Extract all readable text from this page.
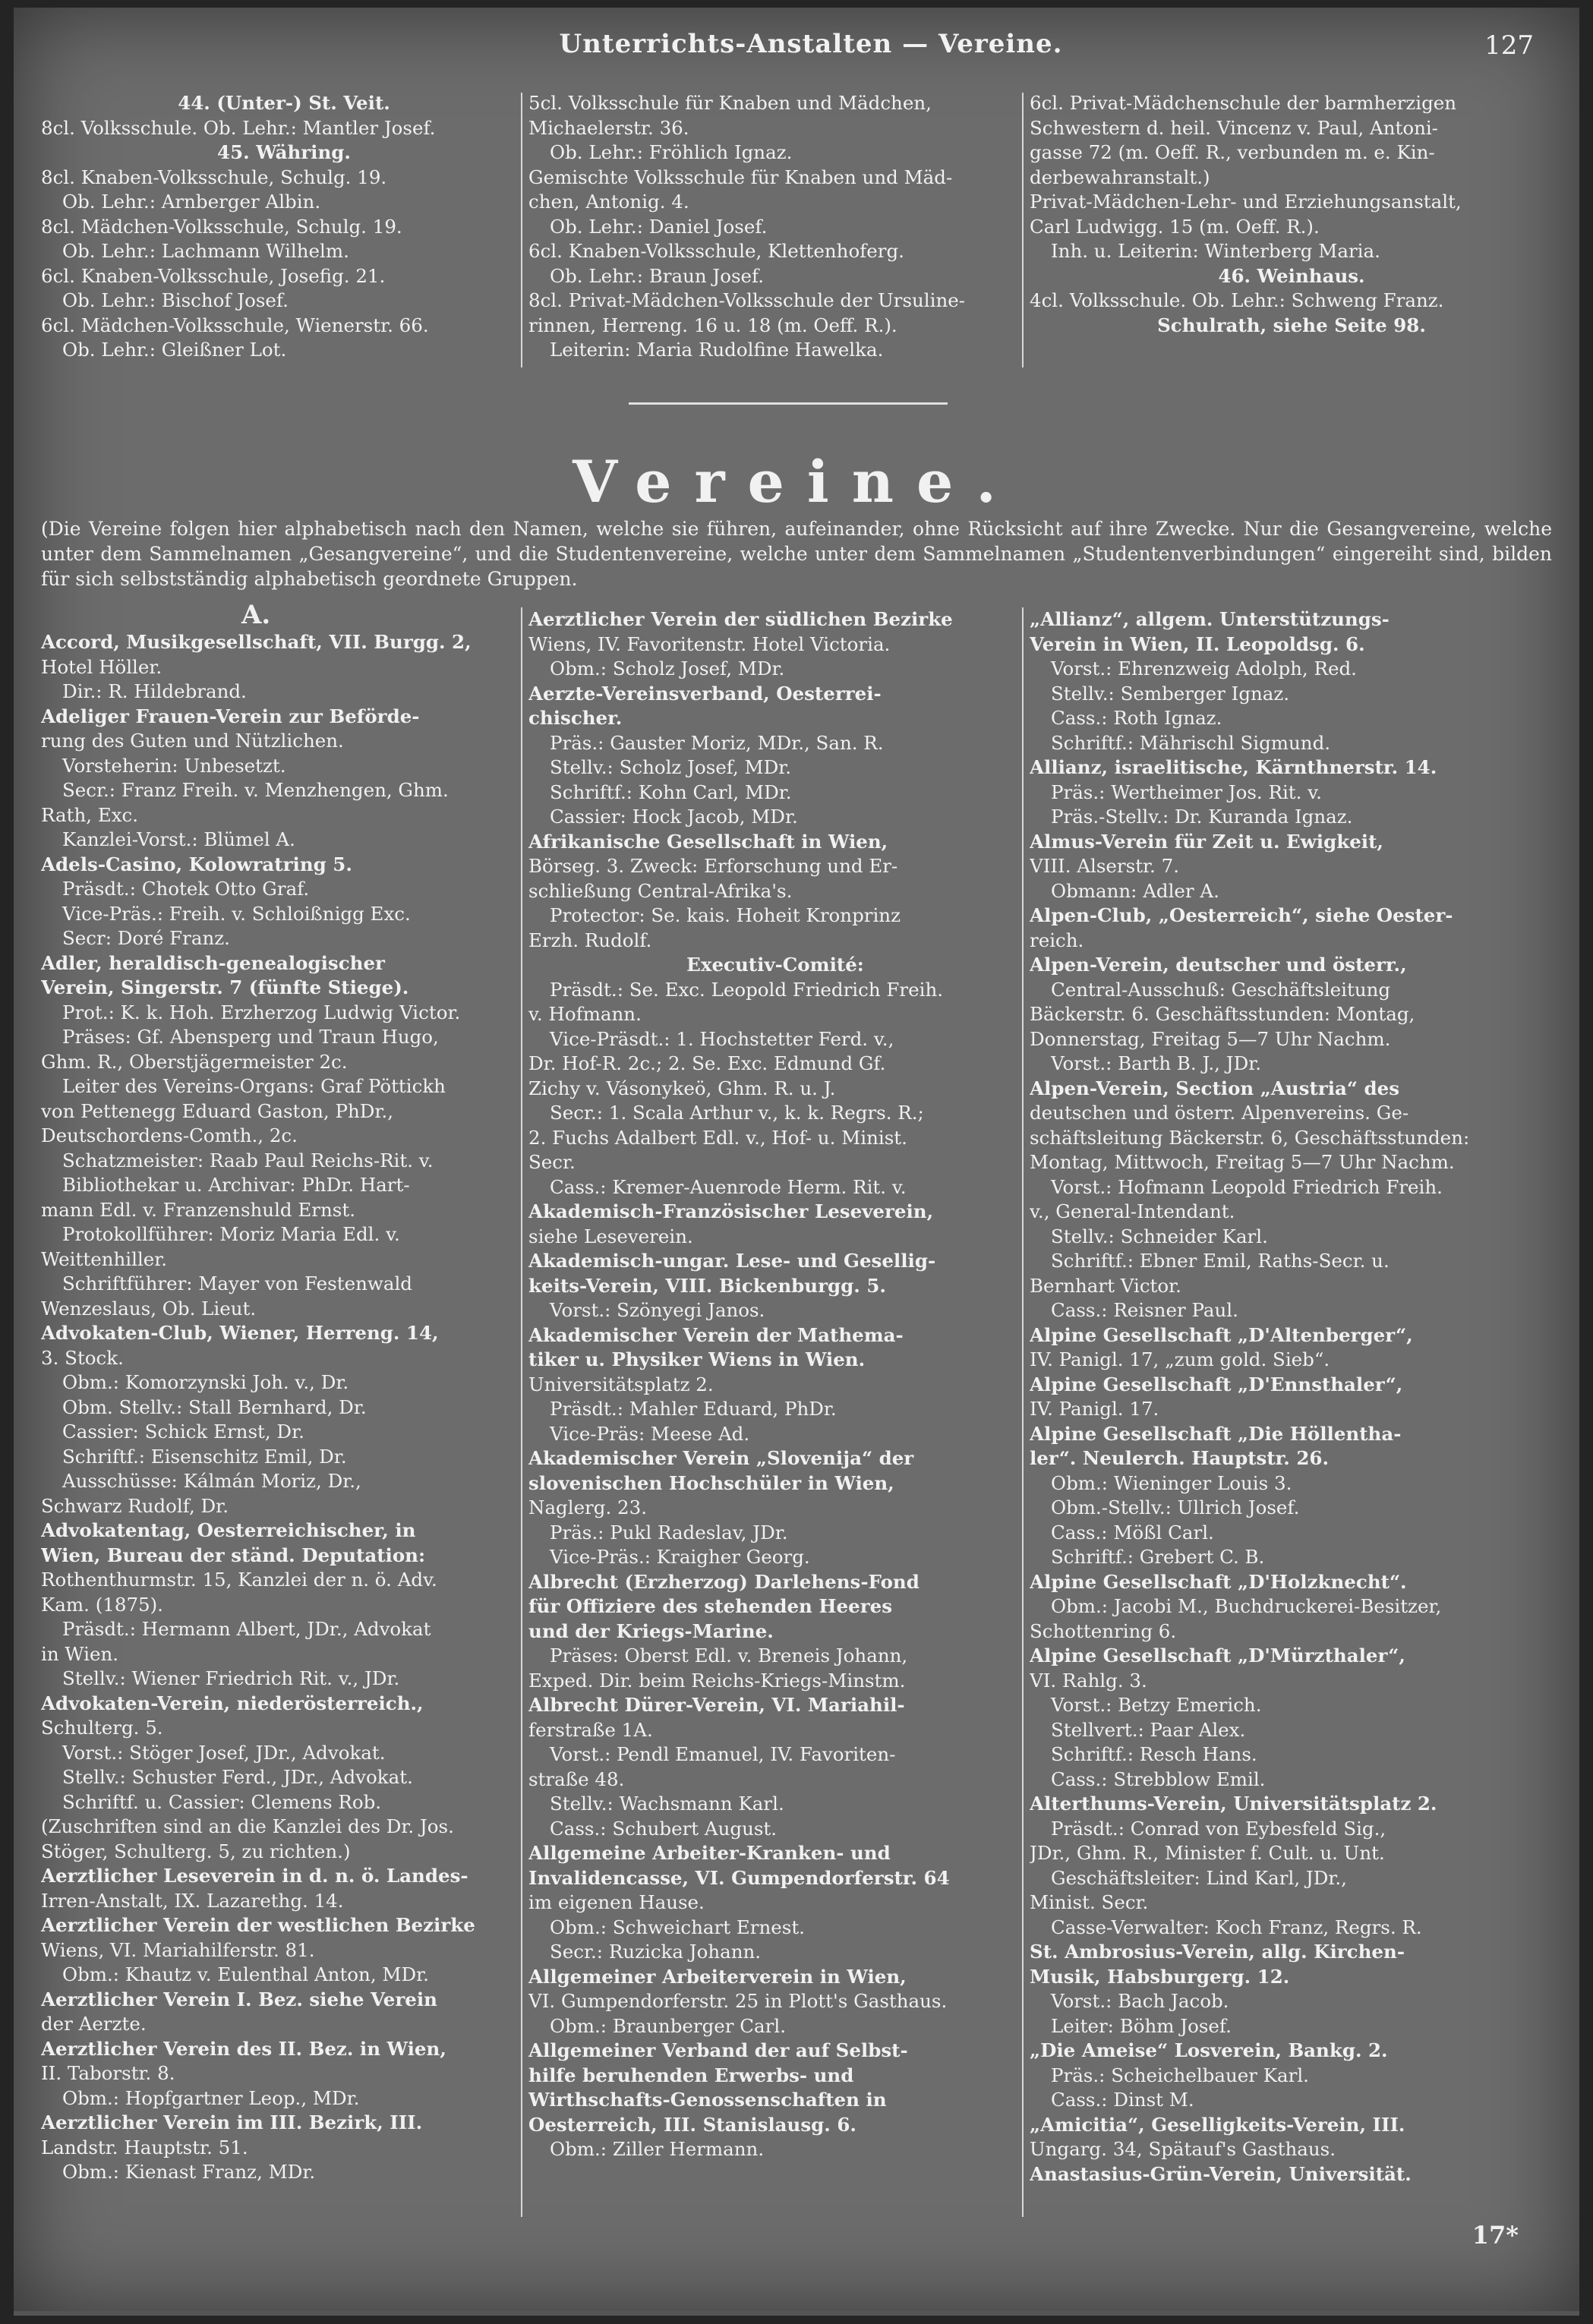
Unterrichts-Anstalten — Vereine.	127
44. (Unter-) St. Veit.
8cl. Volksschule. Ob. Lehr.: Mantler Josef.
45. Währing.
8cl. Knaben-Volksschule, Schulg. 19.
Ob. Lehr.: Arnberger Albin.
8cl. Mädchen-Volksschule, Schulg. 19.
Ob. Lehr.: Lachmann Wilhelm.
6cl. Knaben-Volksschule, Josefig. 21.
Ob. Lehr.: Bischof Josef.
6cl. Mädchen-Volksschule, Wienerstr. 66.
Ob. Lehr.: Gleißner Lot.
5cl. Volksschule für Knaben und Mädchen,
Michaelerstr. 36.
Ob. Lehr.: Fröhlich Ignaz.
Gemischte Volksschule für Knaben und Mäd-
chen, Antonig. 4.
Ob. Lehr.: Daniel Josef.
6cl. Knaben-Volksschule, Klettenhoferg.
Ob. Lehr.: Braun Josef.
8cl. Privat-Mädchen-Volksschule der Ursuline-
rinnen, Herreng. 16 u. 18 (m. Oeff. R.).
Leiterin: Maria Rudolfine Hawelka.
6cl. Privat-Mädchenschule der barmherzigen
Schwestern d. heil. Vincenz v. Paul, Antoni-
gasse 72 (m. Oeff. R., verbunden m. e. Kin-
derbewahranstalt.)
Privat-Mädchen-Lehr- und Erziehungsanstalt,
Carl Ludwigg. 15 (m. Oeff. R.).
Inh. u. Leiterin: Winterberg Maria.
46. Weinhaus.
4cl. Volksschule. Ob. Lehr.: Schweng Franz.
Schulrath, siehe Seite 98.
Vereine.
(Die Vereine folgen hier alphabetisch nach den Namen, welche sie führen, aufeinander, ohne Rücksicht auf ihre Zwecke. Nur die Gesangvereine, welche unter dem Sammelnamen „Gesangvereine“, und die Studentenvereine, welche unter dem Sammelnamen „Studentenverbindungen“ eingereiht sind, bilden für sich selbstständig alphabetisch geordnete Gruppen.
A.
Accord, Musikgesellschaft, VII. Burgg. 2,
Hotel Höller.
Dir.: R. Hildebrand.
Adeliger Frauen-Verein zur Beförde-
rung des Guten und Nützlichen.
Vorsteherin: Unbesetzt.
Secr.: Franz Freih. v. Menzhengen, Ghm.
Rath, Exc.
Kanzlei-Vorst.: Blümel A.
Adels-Casino, Kolowratring 5.
Präsdt.: Chotek Otto Graf.
Vice-Präs.: Freih. v. Schloißnigg Exc.
Secr: Doré Franz.
Adler, heraldisch-genealogischer
Verein, Singerstr. 7 (fünfte Stiege).
Prot.: K. k. Hoh. Erzherzog Ludwig Victor.
Präses: Gf. Abensperg und Traun Hugo,
Ghm. R., Oberstjägermeister 2c.
Leiter des Vereins-Organs: Graf Pöttickh
von Pettenegg Eduard Gaston, PhDr.,
Deutschordens-Comth., 2c.
Schatzmeister: Raab Paul Reichs-Rit. v.
Bibliothekar u. Archivar: PhDr. Hart-
mann Edl. v. Franzenshuld Ernst.
Protokollführer: Moriz Maria Edl. v.
Weittenhiller.
Schriftführer: Mayer von Festenwald
Wenzeslaus, Ob. Lieut.
Advokaten-Club, Wiener, Herreng. 14,
3. Stock.
Obm.: Komorzynski Joh. v., Dr.
Obm. Stellv.: Stall Bernhard, Dr.
Cassier: Schick Ernst, Dr.
Schriftf.: Eisenschitz Emil, Dr.
Ausschüsse: Kálmán Moriz, Dr.,
Schwarz Rudolf, Dr.
Advokatentag, Oesterreichischer, in
Wien, Bureau der ständ. Deputation:
Rothenthurmstr. 15, Kanzlei der n. ö. Adv.
Kam. (1875).
Präsdt.: Hermann Albert, JDr., Advokat
in Wien.
Stellv.: Wiener Friedrich Rit. v., JDr.
Advokaten-Verein, niederösterreich.,
Schulterg. 5.
Vorst.: Stöger Josef, JDr., Advokat.
Stellv.: Schuster Ferd., JDr., Advokat.
Schriftf. u. Cassier: Clemens Rob.
(Zuschriften sind an die Kanzlei des Dr. Jos.
Stöger, Schulterg. 5, zu richten.)
Aerztlicher Leseverein in d. n. ö. Landes-
Irren-Anstalt, IX. Lazarethg. 14.
Aerztlicher Verein der westlichen Bezirke
Wiens, VI. Mariahilferstr. 81.
Obm.: Khautz v. Eulenthal Anton, MDr.
Aerztlicher Verein I. Bez. siehe Verein
der Aerzte.
Aerztlicher Verein des II. Bez. in Wien,
II. Taborstr. 8.
Obm.: Hopfgartner Leop., MDr.
Aerztlicher Verein im III. Bezirk, III.
Landstr. Hauptstr. 51.
Obm.: Kienast Franz, MDr.
Aerztlicher Verein der südlichen Bezirke
Wiens, IV. Favoritenstr. Hotel Victoria.
Obm.: Scholz Josef, MDr.
Aerzte-Vereinsverband, Oesterrei-
chischer.
Präs.: Gauster Moriz, MDr., San. R.
Stellv.: Scholz Josef, MDr.
Schriftf.: Kohn Carl, MDr.
Cassier: Hock Jacob, MDr.
Afrikanische Gesellschaft in Wien,
Börseg. 3. Zweck: Erforschung und Er-
schließung Central-Afrika's.
Protector: Se. kais. Hoheit Kronprinz
Erzh. Rudolf.
Executiv-Comité:
Präsdt.: Se. Exc. Leopold Friedrich Freih.
v. Hofmann.
Vice-Präsdt.: 1. Hochstetter Ferd. v.,
Dr. Hof-R. 2c.; 2. Se. Exc. Edmund Gf.
Zichy v. Vásonykeö, Ghm. R. u. J.
Secr.: 1. Scala Arthur v., k. k. Regrs. R.;
2. Fuchs Adalbert Edl. v., Hof- u. Minist.
Secr.
Cass.: Kremer-Auenrode Herm. Rit. v.
Akademisch-Französischer Leseverein,
siehe Leseverein.
Akademisch-ungar. Lese- und Gesellig-
keits-Verein, VIII. Bickenburgg. 5.
Vorst.: Szönyegi Janos.
Akademischer Verein der Mathema-
tiker u. Physiker Wiens in Wien.
Universitätsplatz 2.
Präsdt.: Mahler Eduard, PhDr.
Vice-Präs: Meese Ad.
Akademischer Verein „Slovenija“ der
slovenischen Hochschüler in Wien,
Naglerg. 23.
Präs.: Pukl Radeslav, JDr.
Vice-Präs.: Kraigher Georg.
Albrecht (Erzherzog) Darlehens-Fond
für Offiziere des stehenden Heeres
und der Kriegs-Marine.
Präses: Oberst Edl. v. Breneis Johann,
Exped. Dir. beim Reichs-Kriegs-Minstm.
Albrecht Dürer-Verein, VI. Mariahil-
ferstraße 1A.
Vorst.: Pendl Emanuel, IV. Favoriten-
straße 48.
Stellv.: Wachsmann Karl.
Cass.: Schubert August.
Allgemeine Arbeiter-Kranken- und
Invalidencasse, VI. Gumpendorferstr. 64
im eigenen Hause.
Obm.: Schweichart Ernest.
Secr.: Ruzicka Johann.
Allgemeiner Arbeiterverein in Wien,
VI. Gumpendorferstr. 25 in Plott's Gasthaus.
Obm.: Braunberger Carl.
Allgemeiner Verband der auf Selbst-
hilfe beruhenden Erwerbs- und
Wirthschafts-Genossenschaften in
Oesterreich, III. Stanislausg. 6.
Obm.: Ziller Hermann.
„Allianz“, allgem. Unterstützungs-
Verein in Wien, II. Leopoldsg. 6.
Vorst.: Ehrenzweig Adolph, Red.
Stellv.: Semberger Ignaz.
Cass.: Roth Ignaz.
Schriftf.: Mährischl Sigmund.
Allianz, israelitische, Kärnthnerstr. 14.
Präs.: Wertheimer Jos. Rit. v.
Präs.-Stellv.: Dr. Kuranda Ignaz.
Almus-Verein für Zeit u. Ewigkeit,
VIII. Alserstr. 7.
Obmann: Adler A.
Alpen-Club, „Oesterreich“, siehe Oester-
reich.
Alpen-Verein, deutscher und österr.,
Central-Ausschuß: Geschäftsleitung
Bäckerstr. 6. Geschäftsstunden: Montag,
Donnerstag, Freitag 5—7 Uhr Nachm.
Vorst.: Barth B. J., JDr.
Alpen-Verein, Section „Austria“ des
deutschen und österr. Alpenvereins. Ge-
schäftsleitung Bäckerstr. 6, Geschäftsstunden:
Montag, Mittwoch, Freitag 5—7 Uhr Nachm.
Vorst.: Hofmann Leopold Friedrich Freih.
v., General-Intendant.
Stellv.: Schneider Karl.
Schriftf.: Ebner Emil, Raths-Secr. u.
Bernhart Victor.
Cass.: Reisner Paul.
Alpine Gesellschaft „D'Altenberger“,
IV. Panigl. 17, „zum gold. Sieb“.
Alpine Gesellschaft „D'Ennsthaler“,
IV. Panigl. 17.
Alpine Gesellschaft „Die Höllentha-
ler“. Neulerch. Hauptstr. 26.
Obm.: Wieninger Louis 3.
Obm.-Stellv.: Ullrich Josef.
Cass.: Mößl Carl.
Schriftf.: Grebert C. B.
Alpine Gesellschaft „D'Holzknecht“.
Obm.: Jacobi M., Buchdruckerei-Besitzer,
Schottenring 6.
Alpine Gesellschaft „D'Mürzthaler“,
VI. Rahlg. 3.
Vorst.: Betzy Emerich.
Stellvert.: Paar Alex.
Schriftf.: Resch Hans.
Cass.: Strebblow Emil.
Alterthums-Verein, Universitätsplatz 2.
Präsdt.: Conrad von Eybesfeld Sig.,
JDr., Ghm. R., Minister f. Cult. u. Unt.
Geschäftsleiter: Lind Karl, JDr.,
Minist. Secr.
Casse-Verwalter: Koch Franz, Regrs. R.
St. Ambrosius-Verein, allg. Kirchen-
Musik, Habsburgerg. 12.
Vorst.: Bach Jacob.
Leiter: Böhm Josef.
„Die Ameise“ Losverein, Bankg. 2.
Präs.: Scheichelbauer Karl.
Cass.: Dinst M.
„Amicitia“, Geselligkeits-Verein, III.
Ungarg. 34, Spätauf's Gasthaus.
Anastasius-Grün-Verein, Universität.
17*
